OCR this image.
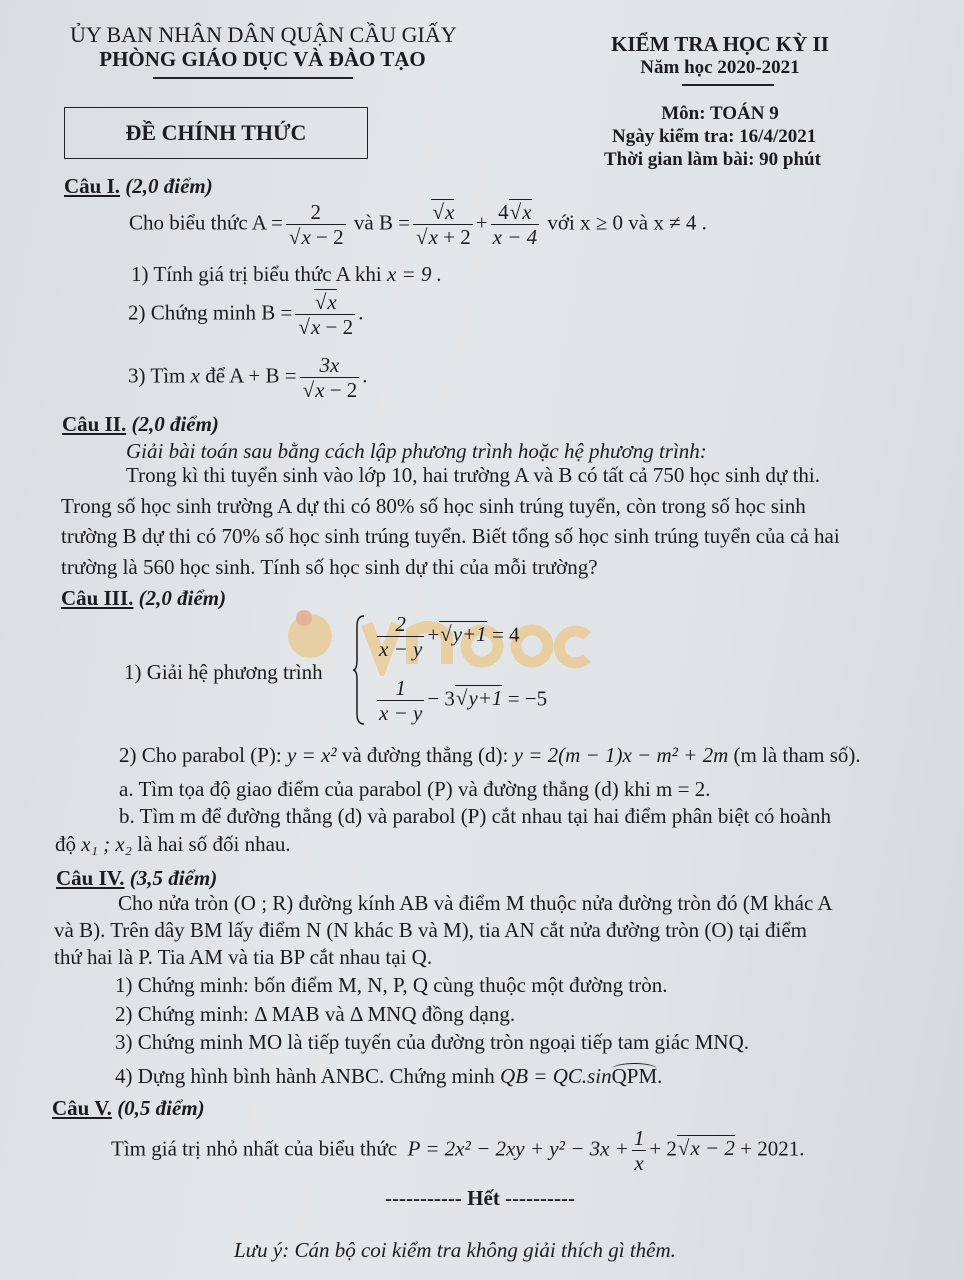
ỦY BAN NHÂN DÂN QUẬN CẦU GIẤY
PHÒNG GIÁO DỤC VÀ ĐÀO TẠO
ĐỀ CHÍNH THỨC
KIỂM TRA HỌC KỲ II
Năm học 2020-2021
Môn: TOÁN 9
Ngày kiểm tra: 16/4/2021
Thời gian làm bài: 90 phút
Câu I. (2,0 điểm)
Cho biểu thức A = 2
√ x − 2 và B = √ x
√ $x + 2 + \frac{4 √ x}{x - 4}$ với x ≥ 0 và x ≠ 4 .
1) Tính giá trị biểu thức A khi x = 9 .
2) Chứng minh B = √ x
√ x − 2 .
3) Tìm x để A + B = 3x
√ x − 2 .
Câu II. (2,0 điểm)
Giải bài toán sau bằng cách lập phương trình hoặc hệ phương trình:
Trong kì thi tuyển sinh vào lớp 10, hai trường A và B có tất cả 750 học sinh dự thi.
Trong số học sinh trường A dự thi có 80% số học sinh trúng tuyển, còn trong số học sinh
trường B dự thi có 70% số học sinh trúng tuyển. Biết tổng số học sinh trúng tuyển của cả hai
trường là 560 học sinh. Tính số học sinh dự thi của mỗi trường?
Câu III. (2,0 điểm)
1) Giải hệ phương trình
$\frac{2}{x - y}$ + √ y+1 = 4
$\frac{1}{x - y} - 3$ √ y+1 = −5
2) Cho parabol (P): y = x² và đường thẳng (d): y = 2(m − 1)x − m² + 2m (m là tham số).
a. Tìm tọa độ giao điểm của parabol (P) và đường thẳng (d) khi m = 2.
b. Tìm m để đường thẳng (d) và parabol (P) cắt nhau tại hai điểm phân biệt có hoành
độ x₁ ; x₂ là hai số đối nhau.
Câu IV. (3,5 điểm)
Cho nửa tròn (O ; R) đường kính AB và điểm M thuộc nửa đường tròn đó (M khác A
và B). Trên dây BM lấy điểm N (N khác B và M), tia AN cắt nửa đường tròn (O) tại điểm
thứ hai là P. Tia AM và tia BP cắt nhau tại Q.
1) Chứng minh: bốn điểm M, N, P, Q cùng thuộc một đường tròn.
2) Chứng minh: Δ MAB và Δ MNQ đồng dạng.
3) Chứng minh MO là tiếp tuyến của đường tròn ngoại tiếp tam giác MNQ.
4) Dựng hình bình hành ANBC. Chứng minh QB = QC.sinQPM.
Câu V. (0,5 điểm)
Tìm giá trị nhỏ nhất của biểu thức $P = 2x^2 - 2xy + y^2 - 3x + \frac{1}{x} + 2$ √ x − 2 + 2021.
----------- Hết ----------
Lưu ý: Cán bộ coi kiểm tra không giải thích gì thêm.
